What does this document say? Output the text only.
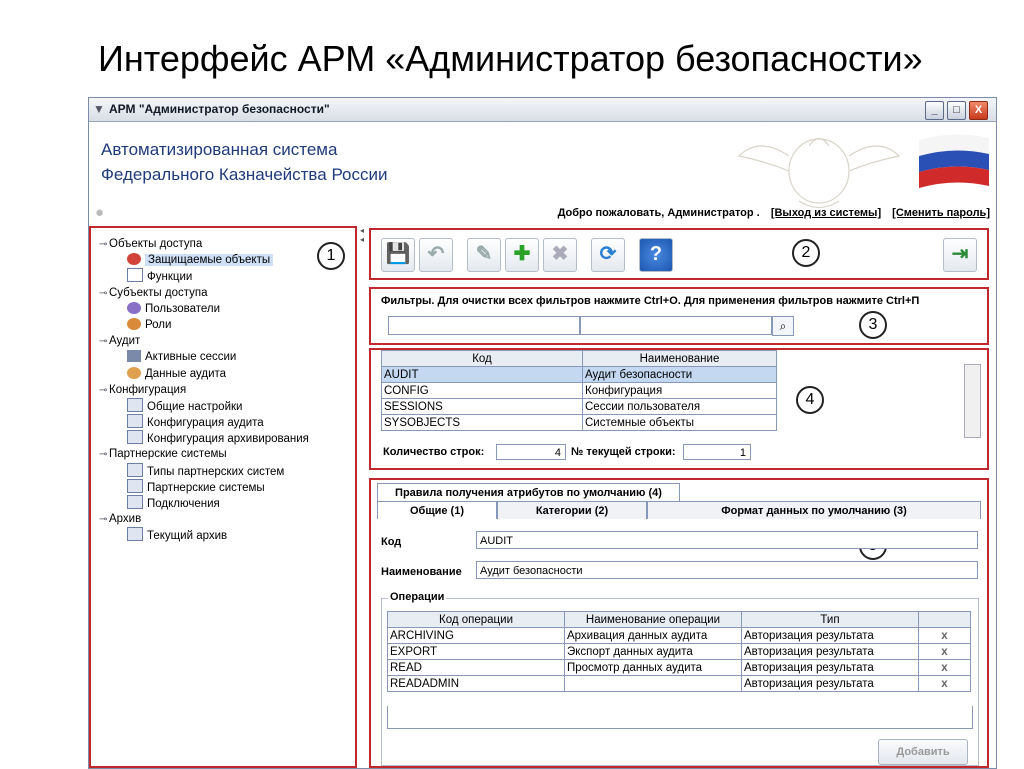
Интерфейс АРМ «Администратор безопасности»
▼ АРМ "Администратор безопасности"	_	□	X
Автоматизированная система
Федерального Казначейства России
●	Добро пожаловать, Администратор . [Выход из системы] [Сменить пароль]
⊸ Объекты доступа
Защищаемые объекты
Функции
⊸ Субъекты доступа
Пользователи
Роли
⊸ Аудит
Активные сессии
Данные аудита
⊸ Конфигурация
Общие настройки
Конфигурация аудита
Конфигурация архивирования
⊸ Партнерские системы
Типы партнерских систем
Партнерские системы
Подключения
⊸ Архив
Текущий архив
1
◂
◂
💾 ↶	✎	✚	✖	⟳	?	⇥
2
Фильтры. Для очистки всех фильтров нажмите Ctrl+O. Для применения фильтров нажмите Ctrl+П
⌕	3
Код	Наименование
AUDIT	Аудит безопасности
CONFIG	Конфигурация
SESSIONS	Сессии пользователя
SYSOBJECTS	Системные объекты
4
Количество строк:	4 № текущей строки:	1
Правила получения атрибутов по умолчанию (4)
Общие (1)	Категории (2)	Формат данных по умолчанию (3)
Код	AUDIT
Наименование	Аудит безопасности
Операции
Код операции	Наименование операции	Тип	
ARCHIVING	Архивация данных аудита	Авторизация результата	x
EXPORT	Экспорт данных аудита	Авторизация результата	x
READ	Просмотр данных аудита	Авторизация результата	x
READADMIN		Авторизация результата	x
Добавить
